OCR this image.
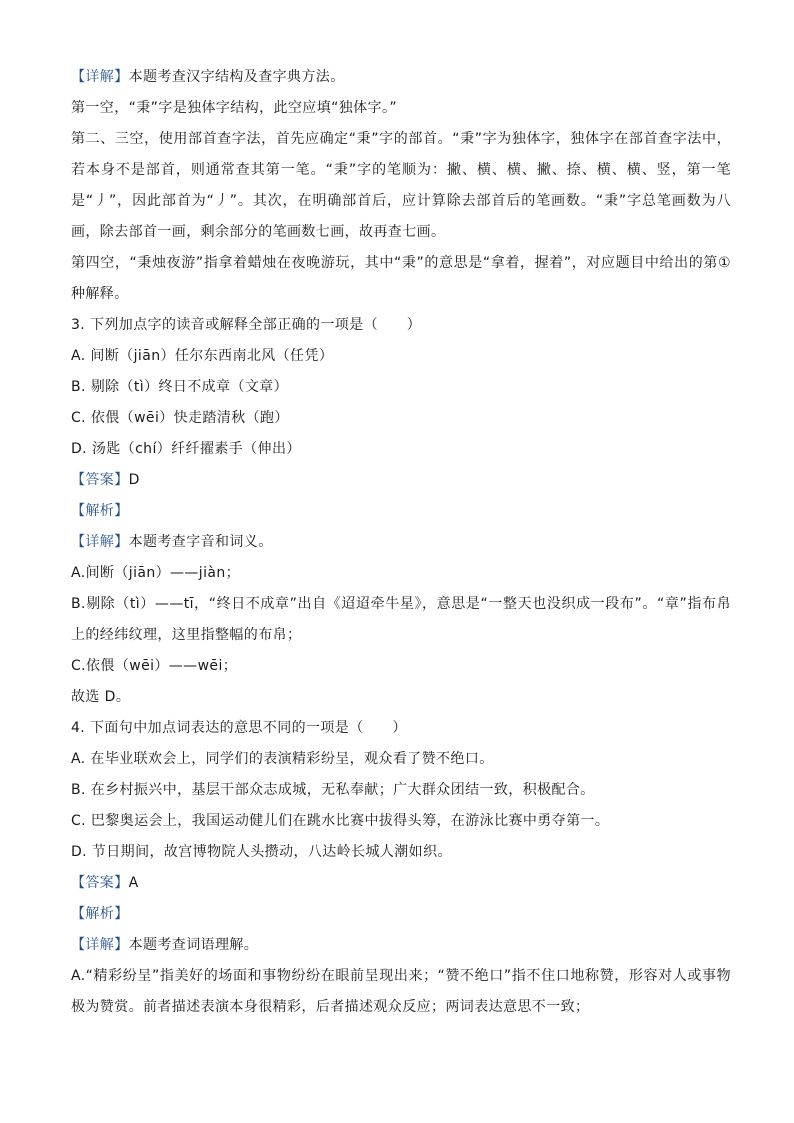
【详解】本题考查汉字结构及查字典方法。
第一空，“秉”字是独体字结构，此空应填“独体字。”
第二、三空，使用部首查字法，首先应确定“秉”字的部首。“秉”字为独体字，独体字在部首查字法中，若本身不是部首，则通常查其第一笔。“秉”字的笔顺为：撇、横、横、撇、捺、横、横、竖，第一笔是“丿”，因此部首为“丿”。其次，在明确部首后，应计算除去部首后的笔画数。“秉”字总笔画数为八画，除去部首一画，剩余部分的笔画数七画，故再查七画。
第四空，“秉烛夜游”指拿着蜡烛在夜晚游玩，其中“秉”的意思是“拿着，握着”，对应题目中给出的第①种解释。
3. 下列加点字的读音或解释全部正确的一项是（　　）
A. 间断（jiān）任尔东西南北风（任凭）
B. 剔除（tì）终日不成章（文章）
C. 依偎（wēi）快走踏清秋（跑）
D. 汤匙（chí）纤纤擢素手（伸出）
【答案】D
【解析】
【详解】本题考查字音和词义。
A.间断（jiān）——jiàn；
B.剔除（tì）——tī，“终日不成章”出自《迢迢牵牛星》，意思是“一整天也没织成一段布”。“章”指布帛上的经纬纹理，这里指整幅的布帛；
C.依偎（wēi）——wēi；
故选 D。
4. 下面句中加点词表达的意思不同的一项是（　　）
A. 在毕业联欢会上，同学们的表演精彩纷呈，观众看了赞不绝口。
B. 在乡村振兴中，基层干部众志成城，无私奉献；广大群众团结一致，积极配合。
C. 巴黎奥运会上，我国运动健儿们在跳水比赛中拔得头筹，在游泳比赛中勇夺第一。
D. 节日期间，故宫博物院人头攒动，八达岭长城人潮如织。
【答案】A
【解析】
【详解】本题考查词语理解。
A.“精彩纷呈”指美好的场面和事物纷纷在眼前呈现出来；“赞不绝口”指不住口地称赞，形容对人或事物极为赞赏。前者描述表演本身很精彩，后者描述观众反应；两词表达意思不一致；
